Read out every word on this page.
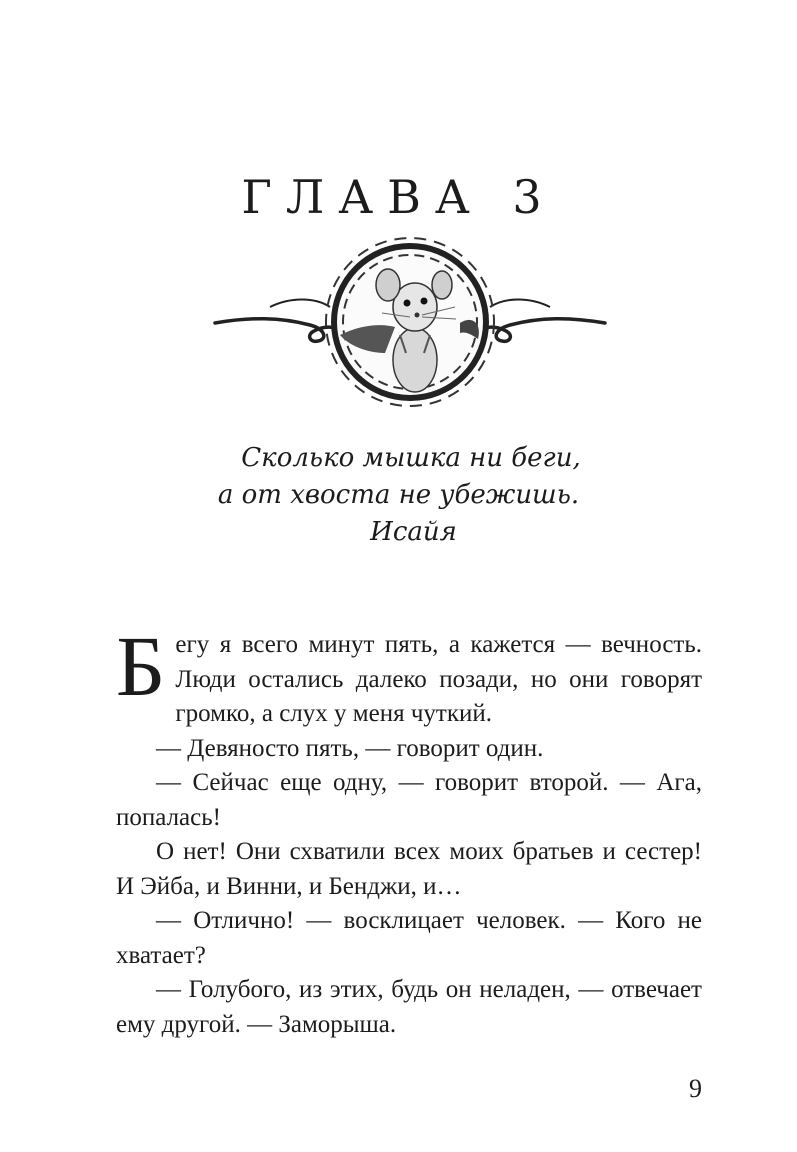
ГЛАВА 3
Сколько мышка ни беги,
а от хвоста не убежишь.
Исайя

Бегу я всего минут пять, а кажется — вечность. Люди остались далеко позади, но они говорят громко, а слух у меня чуткий.

— Девяносто пять, — говорит один.

— Сейчас еще одну, — говорит второй. — Ага, попалась!

О нет! Они схватили всех моих братьев и сестер! И Эйба, и Винни, и Бенджи, и…

— Отлично! — восклицает человек. — Кого не хватает?

— Голубого, из этих, будь он неладен, — отвечает ему другой. — Заморыша.

9
